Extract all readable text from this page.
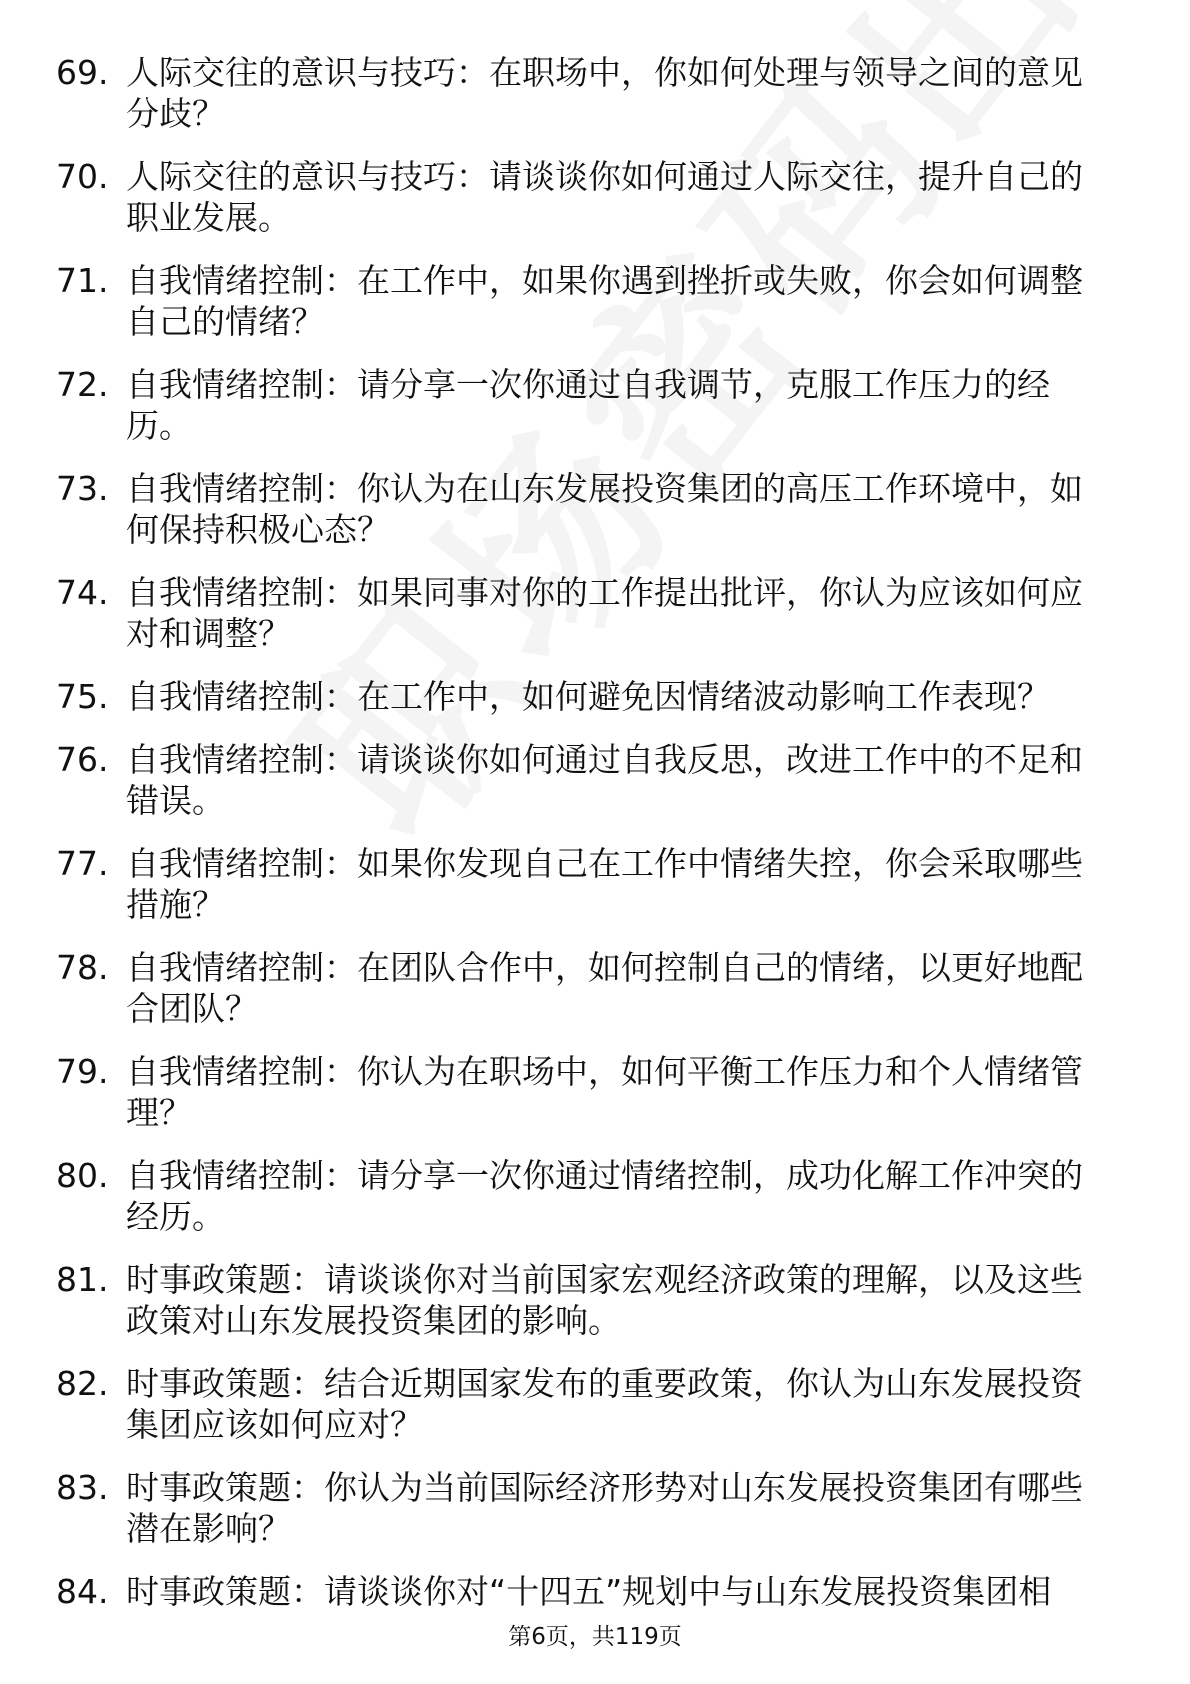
69. 人际交往的意识与技巧：在职场中，你如何处理与领导之间的意见分歧？
70. 人际交往的意识与技巧：请谈谈你如何通过人际交往，提升自己的职业发展。
71. 自我情绪控制：在工作中，如果你遇到挫折或失败，你会如何调整自己的情绪？
72. 自我情绪控制：请分享一次你通过自我调节，克服工作压力的经历。
73. 自我情绪控制：你认为在山东发展投资集团的高压工作环境中，如何保持积极心态？
74. 自我情绪控制：如果同事对你的工作提出批评，你认为应该如何应对和调整？
75. 自我情绪控制：在工作中，如何避免因情绪波动影响工作表现？
76. 自我情绪控制：请谈谈你如何通过自我反思，改进工作中的不足和错误。
77. 自我情绪控制：如果你发现自己在工作中情绪失控，你会采取哪些措施？
78. 自我情绪控制：在团队合作中，如何控制自己的情绪，以更好地配合团队？
79. 自我情绪控制：你认为在职场中，如何平衡工作压力和个人情绪管理？
80. 自我情绪控制：请分享一次你通过情绪控制，成功化解工作冲突的经历。
81. 时事政策题：请谈谈你对当前国家宏观经济政策的理解，以及这些政策对山东发展投资集团的影响。
82. 时事政策题：结合近期国家发布的重要政策，你认为山东发展投资集团应该如何应对？
83. 时事政策题：你认为当前国际经济形势对山东发展投资集团有哪些潜在影响？
84. 时事政策题：请谈谈你对“十四五”规划中与山东发展投资集团相
第6页，共119页
